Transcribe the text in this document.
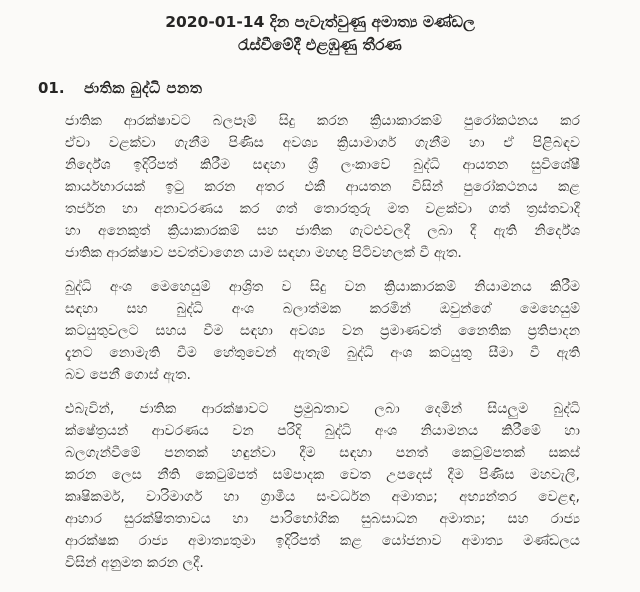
2020-01-14 දින පැවැත්වුණු අමාත්‍ය මණ්ඩල
රැස්වීමේදී එළඹුණු තීරණ
01.	ජාතික බුද්ධි පනත
ජාතික ආරක්ෂාවට බලපෑම් සිදු කරන ක්‍රියාකාරකම් පුරෝකථනය කර
ඒවා වළක්වා ගැනීම පිණිස අවශ්‍ය ක්‍රියාමාර්ග ගැනීම හා ඒ පිළිබඳව
නිර්දේශ ඉදිරිපත් කිරීම සඳහා ශ්‍රී ලංකාවේ බුද්ධි ආයතන සුවිශේෂී
කාර්යභාරයක් ඉටු කරන අතර එකී ආයතන විසින් පුරෝකථනය කළ
තර්ජන හා අනාවරණය කර ගත් තොරතුරු මත වළක්වා ගත් ත්‍රස්තවාදී
හා අනෙකුත් ක්‍රියාකාරකම් සහ ජාතික ගැටළුවලදී ලබා දී ඇති නිර්දේශ
ජාතික ආරක්ෂාව පවත්වාගෙන යාම සඳහා මහඟු පිටිවහලක් වී ඇත.
බුද්ධි අංශ මෙහෙයුම් ආශ්‍රිත ව සිදු වන ක්‍රියාකාරකම් නියාමනය කිරීම
සඳහා සහ බුද්ධි අංශ බලාත්මක කරමින් ඔවුන්ගේ මෙහෙයුම්
කටයුතුවලට සහය වීම සඳහා අවශ්‍ය වන ප්‍රමාණවත් නෛතික ප්‍රතිපාදන
දැනට නොමැති වීම හේතුවෙන් ඇතැම් බුද්ධි අංශ කටයුතු සීමා වී ඇති
බව පෙනී ගොස් ඇත.
එබැවින්, ජාතික ආරක්ෂාවට ප්‍රමුඛතාව ලබා දෙමින් සියලුම බුද්ධි
ක්ෂේත්‍රයන් ආවරණය වන පරිදි බුද්ධි අංශ නියාමනය කිරීමේ හා
බලගැන්වීමේ පනතක් හඳුන්වා දීම සඳහා පනත් කෙටුම්පතක් සකස්
කරන ලෙස නීති කෙටුම්පත් සම්පාදක වෙත උපදෙස් දීම පිණිස මහවැලි,
කෘෂිකර්ම, වාරිමාර්ග හා ග්‍රාමීය සංවර්ධන අමාත්‍ය; අභ්‍යන්තර වෙළඳ,
ආහාර සුරක්ෂිතතාවය හා පාරිභෝගික සුබසාධන අමාත්‍ය; සහ රාජ්‍ය
ආරක්ෂක රාජ්‍ය අමාත්‍යතුමා ඉදිරිපත් කළ යෝජනාව අමාත්‍ය මණ්ඩලය
විසින් අනුමත කරන ලදී.
